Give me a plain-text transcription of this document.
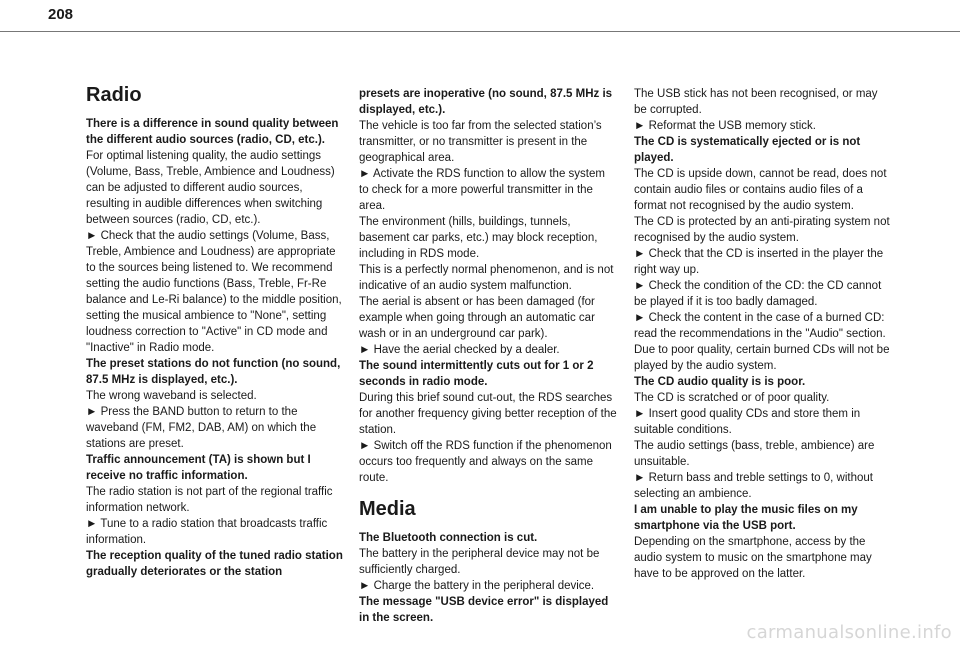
208
Radio

There is a difference in sound quality between the different audio sources (radio, CD, etc.).

For optimal listening quality, the audio settings (Volume, Bass, Treble, Ambience and Loudness) can be adjusted to different audio sources, resulting in audible differences when switching between sources (radio, CD, etc.).

► Check that the audio settings (Volume, Bass, Treble, Ambience and Loudness) are appropriate to the sources being listened to. We recommend setting the audio functions (Bass, Treble, Fr-Re balance and Le-Ri balance) to the middle position, setting the musical ambience to "None", setting loudness correction to "Active" in CD mode and "Inactive" in Radio mode.

The preset stations do not function (no sound, 87.5 MHz is displayed, etc.).

The wrong waveband is selected.

► Press the BAND button to return to the waveband (FM, FM2, DAB, AM) on which the stations are preset.

Traffic announcement (TA) is shown but I receive no traffic information.

The radio station is not part of the regional traffic information network.

► Tune to a radio station that broadcasts traffic information.

The reception quality of the tuned radio station gradually deteriorates or the station

presets are inoperative (no sound, 87.5 MHz is displayed, etc.).

The vehicle is too far from the selected station’s transmitter, or no transmitter is present in the geographical area.

► Activate the RDS function to allow the system to check for a more powerful transmitter in the area.

The environment (hills, buildings, tunnels, basement car parks, etc.) may block reception, including in RDS mode.

This is a perfectly normal phenomenon, and is not indicative of an audio system malfunction.

The aerial is absent or has been damaged (for example when going through an automatic car wash or in an underground car park).

► Have the aerial checked by a dealer.

The sound intermittently cuts out for 1 or 2 seconds in radio mode.

During this brief sound cut-out, the RDS searches for another frequency giving better reception of the station.

► Switch off the RDS function if the phenomenon occurs too frequently and always on the same route.

Media

The Bluetooth connection is cut.

The battery in the peripheral device may not be sufficiently charged.

► Charge the battery in the peripheral device.

The message "USB device error" is displayed in the screen.

The USB stick has not been recognised, or may be corrupted.

► Reformat the USB memory stick.

The CD is systematically ejected or is not played.

The CD is upside down, cannot be read, does not contain audio files or contains audio files of a format not recognised by the audio system.

The CD is protected by an anti-pirating system not recognised by the audio system.

► Check that the CD is inserted in the player the right way up.

► Check the condition of the CD: the CD cannot be played if it is too badly damaged.

► Check the content in the case of a burned CD: read the recommendations in the "Audio" section.

Due to poor quality, certain burned CDs will not be played by the audio system.

The CD audio quality is is poor.

The CD is scratched or of poor quality.

► Insert good quality CDs and store them in suitable conditions.

The audio settings (bass, treble, ambience) are unsuitable.

► Return bass and treble settings to 0, without selecting an ambience.

I am unable to play the music files on my smartphone via the USB port.

Depending on the smartphone, access by the audio system to music on the smartphone may have to be approved on the latter.

carmanualsonline.info
